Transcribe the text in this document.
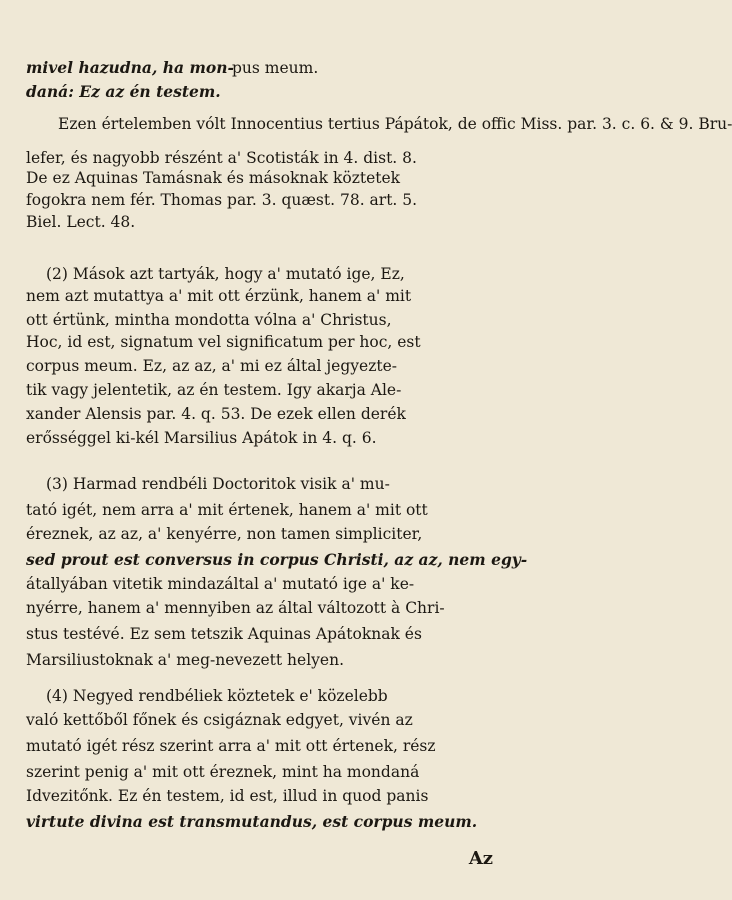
mivel hazudna, ha mon-
pus meum.
daná: Ez az én testem.
Ezen értelemben vólt Innocentius tertius Pápátok, de offic Miss. par. 3. c. 6. & 9. Bru-
lefer, és nagyobb részént a' Scotisták in 4. dist. 8.
De ez Aquinas Tamásnak és másoknak köztetek
fogokra nem fér. Thomas par. 3. quæst. 78. art. 5.
Biel. Lect. 48.
(2) Mások azt tartyák, hogy a' mutató ige, Ez,
nem azt mutattya a' mit ott érzünk, hanem a' mit
ott értünk, mintha mondotta vólna a' Christus,
Hoc, id est, signatum vel significatum per hoc, est
corpus meum. Ez, az az, a' mi ez által jegyezte-
tik vagy jelentetik, az én testem. Igy akarja Ale-
xander Alensis par. 4. q. 53. De ezek ellen derék
erősséggel ki-kél Marsilius Apátok in 4. q. 6.
(3) Harmad rendbéli Doctoritok visik a' mu-
tató igét, nem arra a' mit értenek, hanem a' mit ott
éreznek, az az, a' kenyérre, non tamen simpliciter,
sed prout est conversus in corpus Christi, az az, nem egy-
átallyában vitetik mindazáltal a' mutató ige a' ke-
nyérre, hanem a' mennyiben az által változott à Chri-
stus testévé. Ez sem tetszik Aquinas Apátoknak és
Marsiliustoknak a' meg-nevezett helyen.
(4) Negyed rendbéliek köztetek e' közelebb
való kettőből főnek és csigáznak edgyet, vivén az
mutató igét rész szerint arra a' mit ott értenek, rész
szerint penig a' mit ott éreznek, mint ha mondaná
Idvezitőnk. Ez én testem, id est, illud in quod panis
virtute divina est transmutandus, est corpus meum.
Az
